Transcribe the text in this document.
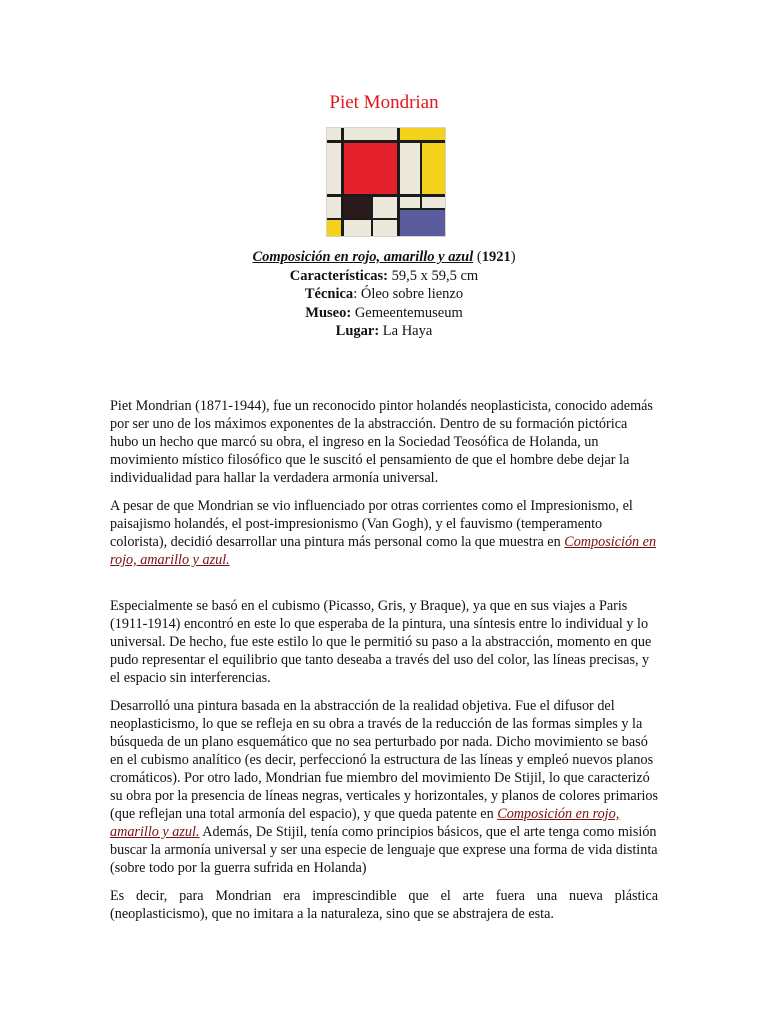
Piet Mondrian
Composición en rojo, amarillo y azul (1921)
Características: 59,5 x 59,5 cm
Técnica: Óleo sobre lienzo
Museo: Gemeentemuseum
Lugar: La Haya

Piet Mondrian (1871-1944), fue un reconocido pintor holandés neoplasticista, conocido además por ser uno de los máximos exponentes de la abstracción. Dentro de su formación pictórica hubo un hecho que marcó su obra, el ingreso en la Sociedad Teosófica de Holanda, un movimiento místico filosófico que le suscitó el pensamiento de que el hombre debe dejar la individualidad para hallar la verdadera armonía universal.

A pesar de que Mondrian se vio influenciado por otras corrientes como el Impresionismo, el paisajismo holandés, el post-impresionismo (Van Gogh), y el fauvismo (temperamento colorista), decidió desarrollar una pintura más personal como la que muestra en Composición en rojo, amarillo y azul.

Especialmente se basó en el cubismo (Picasso, Gris, y Braque), ya que en sus viajes a Paris (1911-1914) encontró en este lo que esperaba de la pintura, una síntesis entre lo individual y lo universal. De hecho, fue este estilo lo que le permitió su paso a la abstracción, momento en que pudo representar el equilibrio que tanto deseaba a través del uso del color, las líneas precisas, y el espacio sin interferencias.

Desarrolló una pintura basada en la abstracción de la realidad objetiva. Fue el difusor del neoplasticismo, lo que se refleja en su obra a través de la reducción de las formas simples y la búsqueda de un plano esquemático que no sea perturbado por nada. Dicho movimiento se basó en el cubismo analítico (es decir, perfeccionó la estructura de las líneas y empleó nuevos planos cromáticos). Por otro lado, Mondrian fue miembro del movimiento De Stijil, lo que caracterizó su obra por la presencia de líneas negras, verticales y horizontales, y planos de colores primarios (que reflejan una total armonía del espacio), y que queda patente en Composición en rojo, amarillo y azul. Además, De Stijil, tenía como principios básicos, que el arte tenga como misión buscar la armonía universal y ser una especie de lenguaje que exprese una forma de vida distinta (sobre todo por la guerra sufrida en Holanda)

Es decir, para Mondrian era imprescindible que el arte fuera una nueva plástica (neoplasticismo), que no imitara a la naturaleza, sino que se abstrajera de esta.
